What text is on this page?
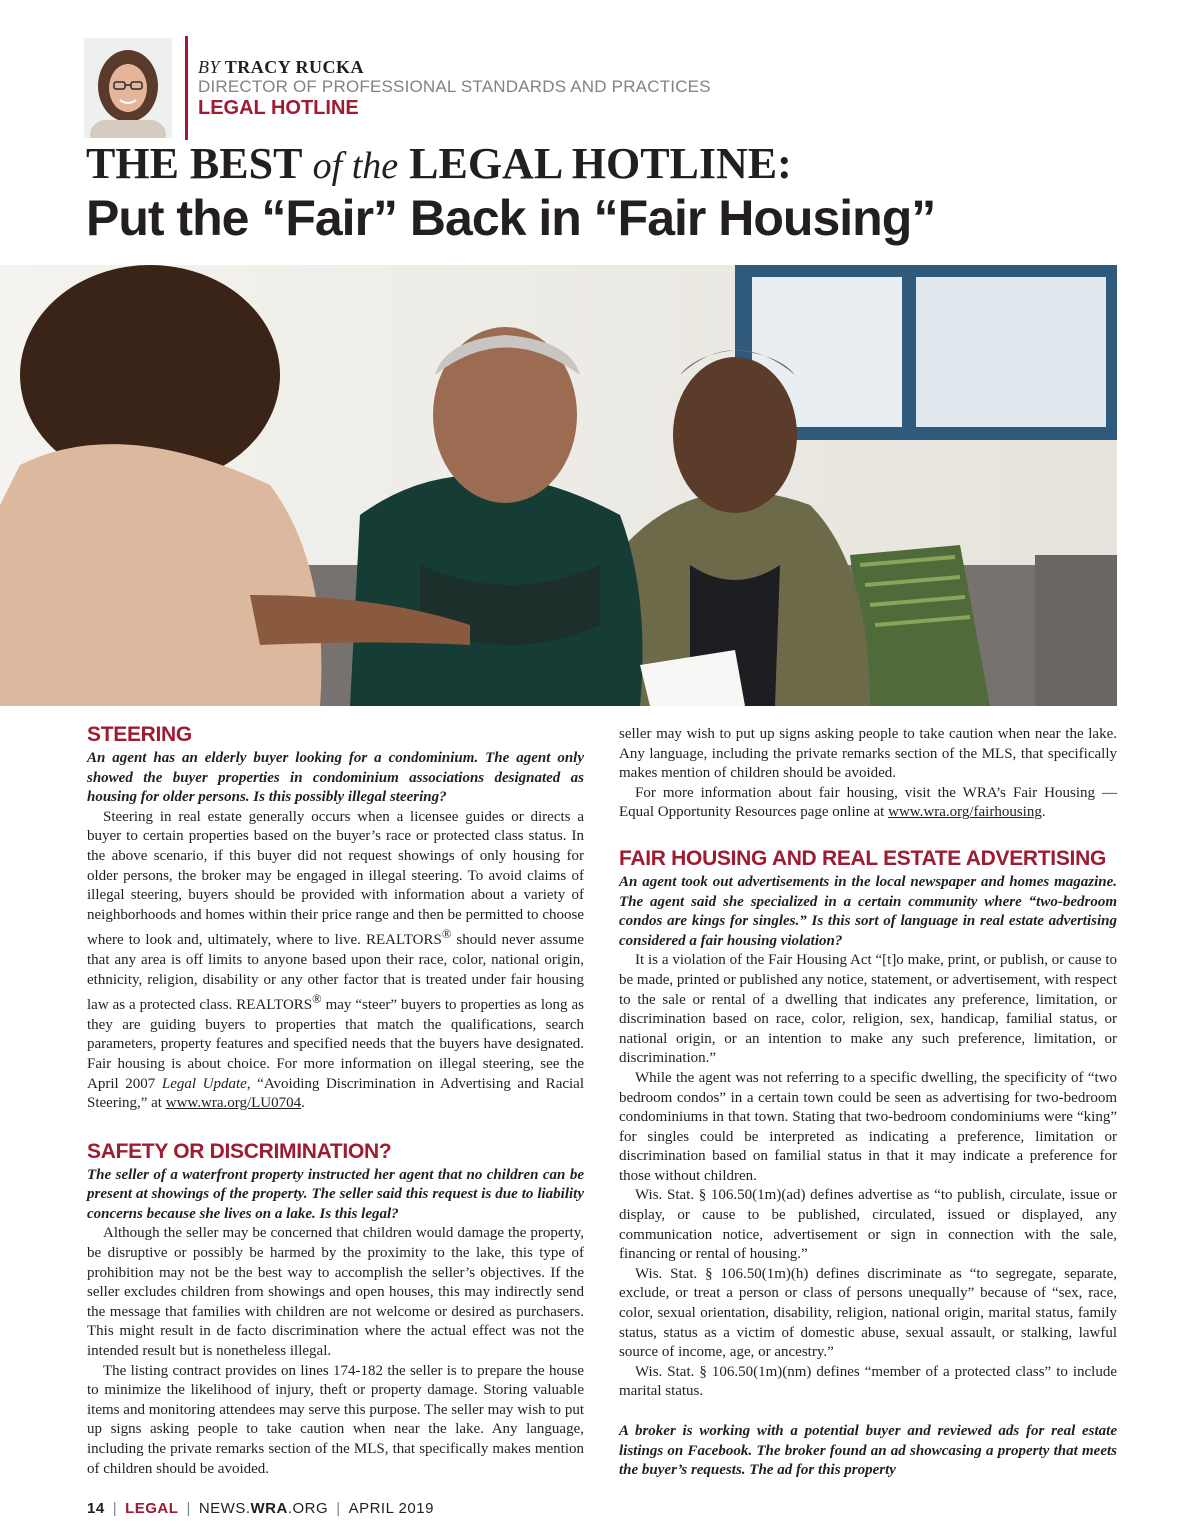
BY TRACY RUCKA
DIRECTOR OF PROFESSIONAL STANDARDS AND PRACTICES
LEGAL HOTLINE
THE BEST of the LEGAL HOTLINE:
Put the “Fair” Back in “Fair Housing”
STEERING

An agent has an elderly buyer looking for a condominium. The agent only showed the buyer properties in condominium associations designated as housing for older persons. Is this possibly illegal steering?

Steering in real estate generally occurs when a licensee guides or directs a buyer to certain properties based on the buyer’s race or protected class status. In the above scenario, if this buyer did not request showings of only housing for older persons, the broker may be engaged in illegal steering. To avoid claims of illegal steering, buyers should be provided with information about a variety of neighborhoods and homes within their price range and then be permitted to choose where to look and, ultimately, where to live. REALTORS® should never assume that any area is off limits to anyone based upon their race, color, national origin, ethnicity, religion, disability or any other factor that is treated under fair housing law as a protected class. REALTORS® may “steer” buyers to properties as long as they are guiding buyers to properties that match the qualifications, search parameters, property features and specified needs that the buyers have designated. Fair housing is about choice. For more information on illegal steering, see the April 2007 Legal Update, “Avoiding Discrimination in Advertising and Racial Steering,” at www.wra.org/LU0704.

SAFETY OR DISCRIMINATION?

The seller of a waterfront property instructed her agent that no children can be present at showings of the property. The seller said this request is due to liability concerns because she lives on a lake. Is this legal?

Although the seller may be concerned that children would damage the property, be disruptive or possibly be harmed by the proximity to the lake, this type of prohibition may not be the best way to accomplish the seller’s objectives. If the seller excludes children from showings and open houses, this may indirectly send the message that families with children are not welcome or desired as purchasers. This might result in de facto discrimination where the actual effect was not the intended result but is nonetheless illegal.

The listing contract provides on lines 174-182 the seller is to prepare the house to minimize the likelihood of injury, theft or property damage. Storing valuable items and monitoring attendees may serve this purpose. The seller may wish to put up signs asking people to take caution when near the lake. Any language, including the private remarks section of the MLS, that specifically makes mention of children should be avoided.

seller may wish to put up signs asking people to take caution when near the lake. Any language, including the private remarks section of the MLS, that specifically makes mention of children should be avoided.

For more information about fair housing, visit the WRA’s Fair Housing — Equal Opportunity Resources page online at www.wra.org/fairhousing.

FAIR HOUSING AND REAL ESTATE ADVERTISING

An agent took out advertisements in the local newspaper and homes magazine. The agent said she specialized in a certain community where “two-bedroom condos are kings for singles.” Is this sort of language in real estate advertising considered a fair housing violation?

It is a violation of the Fair Housing Act “[t]o make, print, or publish, or cause to be made, printed or published any notice, statement, or advertisement, with respect to the sale or rental of a dwelling that indicates any preference, limitation, or discrimination based on race, color, religion, sex, handicap, familial status, or national origin, or an intention to make any such preference, limitation, or discrimination.”

While the agent was not referring to a specific dwelling, the specificity of “two bedroom condos” in a certain town could be seen as advertising for two-bedroom condominiums in that town. Stating that two-bedroom condominiums were “king” for singles could be interpreted as indicating a preference, limitation or discrimination based on familial status in that it may indicate a preference for those without children.

Wis. Stat. § 106.50(1m)(ad) defines advertise as “to publish, circulate, issue or display, or cause to be published, circulated, issued or displayed, any communication notice, advertisement or sign in connection with the sale, financing or rental of housing.”

Wis. Stat. § 106.50(1m)(h) defines discriminate as “to segregate, separate, exclude, or treat a person or class of persons unequally” because of “sex, race, color, sexual orientation, disability, religion, national origin, marital status, family status, status as a victim of domestic abuse, sexual assault, or stalking, lawful source of income, age, or ancestry.”

Wis. Stat. § 106.50(1m)(nm) defines “member of a protected class” to include marital status.

A broker is working with a potential buyer and reviewed ads for real estate listings on Facebook. The broker found an ad showcasing a property that meets the buyer’s requests. The ad for this property

14 | LEGAL | NEWS.WRA.ORG | APRIL 2019
